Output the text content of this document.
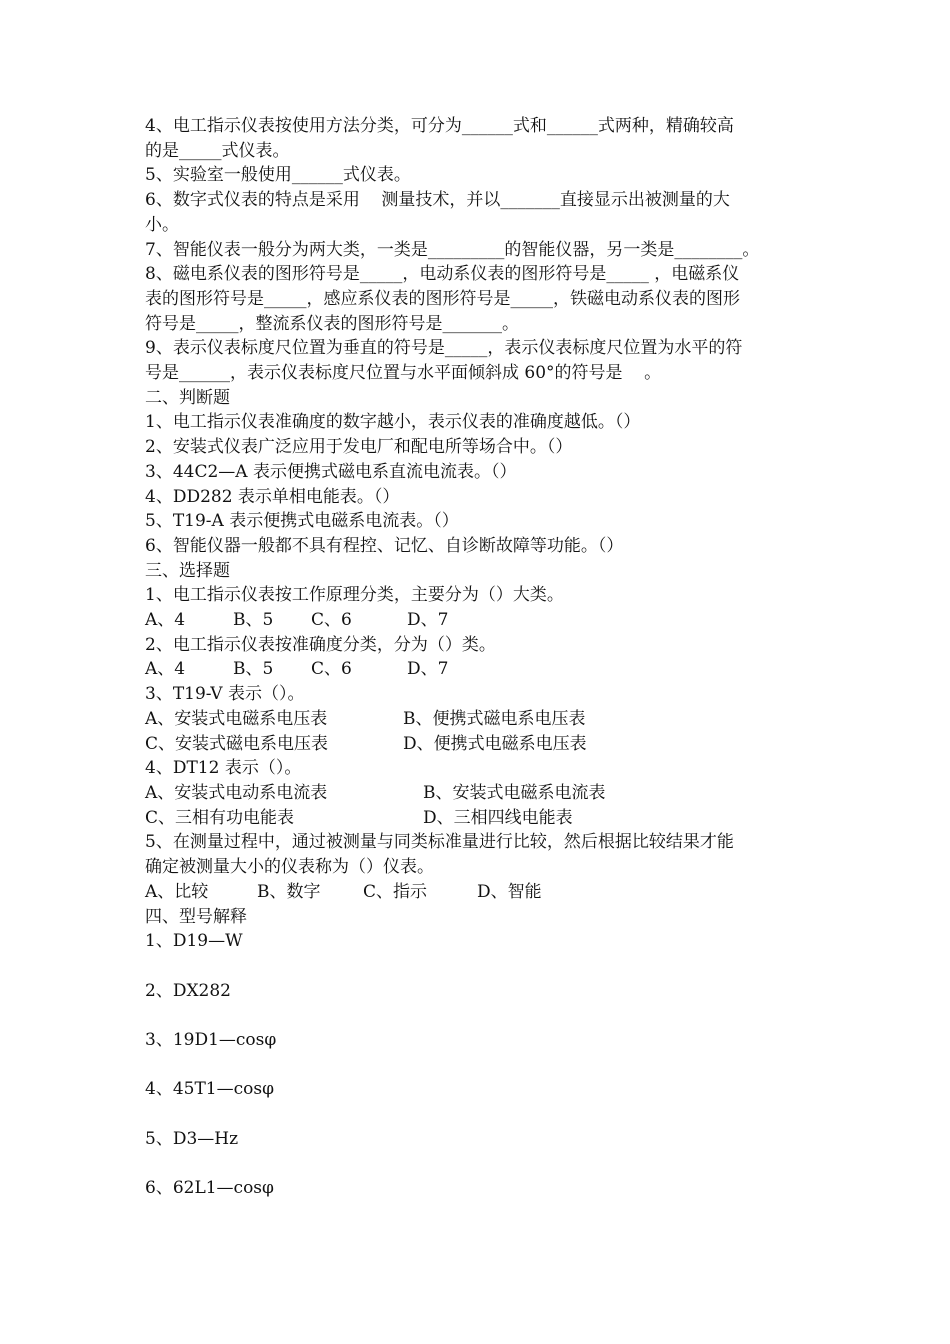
4、电工指示仪表按使用方法分类，可分为______式和______式两种，精确较高
的是_____式仪表。
5、实验室一般使用______式仪表。
6、数字式仪表的特点是采用    测量技术，并以_______直接显示出被测量的大
小。
7、智能仪表一般分为两大类，一类是_________的智能仪器，另一类是________。
8、磁电系仪表的图形符号是_____，电动系仪表的图形符号是_____ ，电磁系仪
表的图形符号是_____，感应系仪表的图形符号是_____，铁磁电动系仪表的图形
符号是_____，整流系仪表的图形符号是_______。
9、表示仪表标度尺位置为垂直的符号是_____，表示仪表标度尺位置为水平的符
号是______，表示仪表标度尺位置与水平面倾斜成 60°的符号是    。
二、判断题
1、电工指示仪表准确度的数字越小，表示仪表的准确度越低。（）
2、安装式仪表广泛应用于发电厂和配电所等场合中。（）
3、44C2—A 表示便携式磁电系直流电流表。（）
4、DD282 表示单相电能表。（）
5、T19-A 表示便携式电磁系电流表。（）
6、智能仪器一般都不具有程控、记忆、自诊断故障等功能。（）
三、选择题
1、电工指示仪表按工作原理分类，主要分为（）大类。
A、4	B、5	C、6	D、7
2、电工指示仪表按准确度分类，分为（）类。
A、4	B、5	C、6	D、7
3、T19-V 表示（）。
A、安装式电磁系电压表	B、便携式磁电系电压表
C、安装式磁电系电压表	D、便携式电磁系电压表
4、DT12 表示（）。
A、安装式电动系电流表	B、安装式电磁系电流表
C、三相有功电能表	D、三相四线电能表
5、在测量过程中，通过被测量与同类标准量进行比较，然后根据比较结果才能
确定被测量大小的仪表称为（）仪表。
A、比较	B、数字	C、指示	D、智能
四、型号解释
1、D19—W
2、DX282
3、19D1—cosφ
4、45T1—cosφ
5、D3—Hz
6、62L1—cosφ
